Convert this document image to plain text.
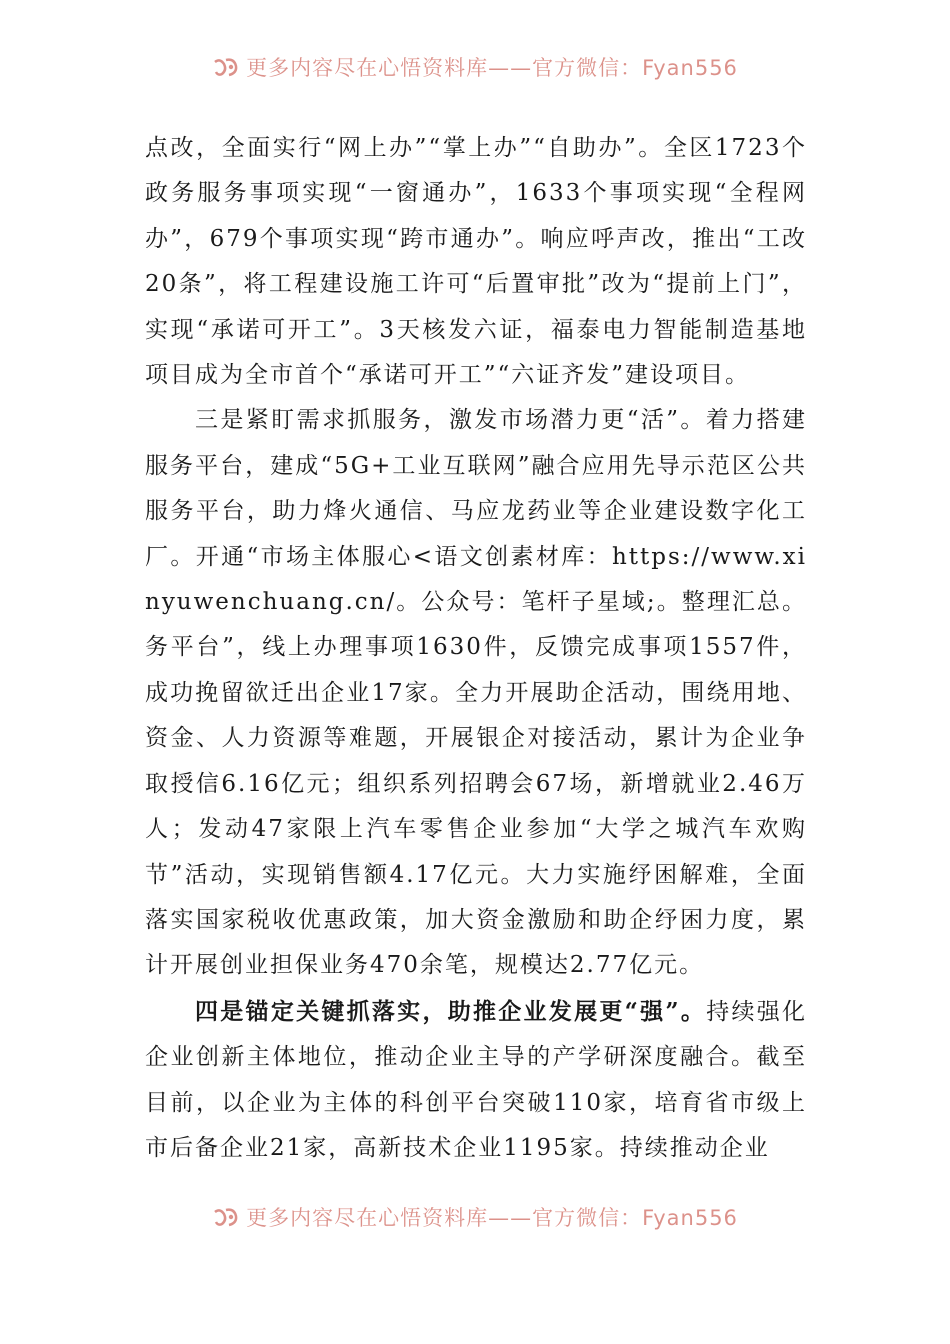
更多内容尽在心悟资料库——官方微信：Fyan556

点改，全面实行“网上办”“掌上办”“自助办”。全区1723个政务服务事项实现“一窗通办”，1633个事项实现“全程网办”，679个事项实现“跨市通办”。响应呼声改，推出“工改20条”，将工程建设施工许可“后置审批”改为“提前上门”，实现“承诺可开工”。3天核发六证，福泰电力智能制造基地项目成为全市首个“承诺可开工”“六证齐发”建设项目。

三是紧盯需求抓服务，激发市场潜力更“活”。着力搭建服务平台，建成“5G+工业互联网”融合应用先导示范区公共服务平台，助力烽火通信、马应龙药业等企业建设数字化工厂。开通“市场主体服心<语文创素材库：https://www.xinyuwenchuang.cn/。公众号：笔杆子星域;。整理汇总。务平台”，线上办理事项1630件，反馈完成事项1557件，成功挽留欲迁出企业17家。全力开展助企活动，围绕用地、资金、人力资源等难题，开展银企对接活动，累计为企业争取授信6.16亿元；组织系列招聘会67场，新增就业2.46万人；发动47家限上汽车零售企业参加“大学之城汽车欢购节”活动，实现销售额4.17亿元。大力实施纾困解难，全面落实国家税收优惠政策，加大资金激励和助企纾困力度，累计开展创业担保业务470余笔，规模达2.77亿元。

四是锚定关键抓落实，助推企业发展更“强”。持续强化企业创新主体地位，推动企业主导的产学研深度融合。截至目前，以企业为主体的科创平台突破110家，培育省市级上市后备企业21家，高新技术企业1195家。持续推动企业

更多内容尽在心悟资料库——官方微信：Fyan556
